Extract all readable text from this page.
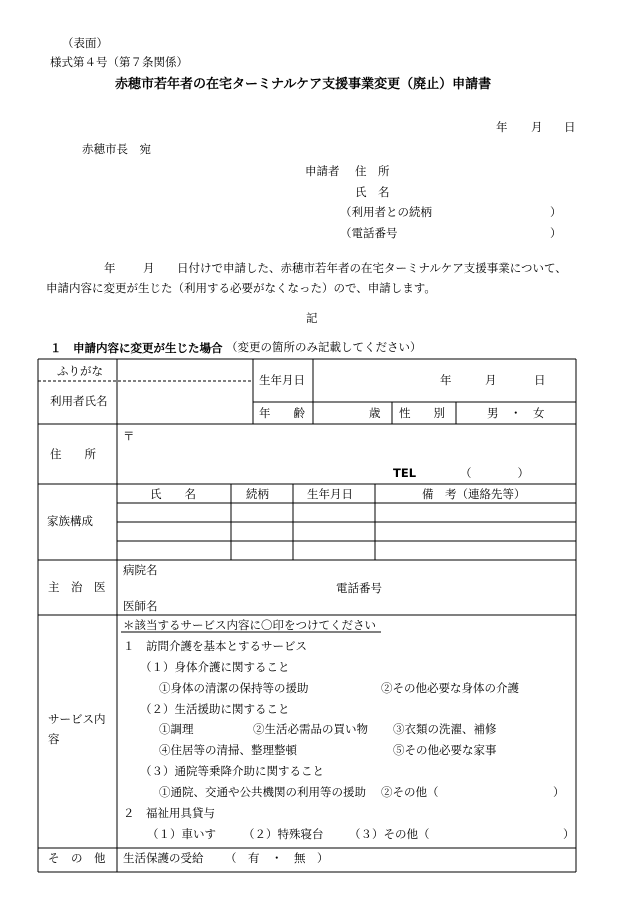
（表面）
様式第４号（第７条関係）
赤穂市若年者の在宅ターミナルケア支援事業変更（廃止）申請書
年 月 日
赤穂市長　宛
申請者 住　所
氏　名
（利用者との続柄	）
（電話番号	）
年 月 日付けで申請した、赤穂市若年者の在宅ターミナルケア支援事業について、
申請内容に変更が生じた（利用する必要がなくなった）ので、申請します。
記
１　申請内容に変更が生じた場合 （変更の箇所のみ記載してください）
ふりがな
利用者氏名
生年月日	年	月	日
年　　齢	歳 性　　別	男　・　女
住　　所
〒
TEL	（　　　　）
家族構成
氏　　名	続柄	生年月日	備　考（連絡先等）
主　治　医
病院名
電話番号
医師名
サービス内
容
＊該当するサービス内容に〇印をつけてください
１　訪問介護を基本とするサービス
（１）身体介護に関すること
①身体の清潔の保持等の援助	②その他必要な身体の介護
（２）生活援助に関すること
①調理	②生活必需品の買い物 ③衣類の洗濯、補修
④住居等の清掃、整理整頓	⑤その他必要な家事
（３）通院等乗降介助に関すること
①通院、交通や公共機関の利用等の援助 ②その他（	）
２　福祉用具貸与
（１）車いす （２）特殊寝台 （３）その他（	）
そ　の　他 生活保護の受給 （　有　・　無　）
